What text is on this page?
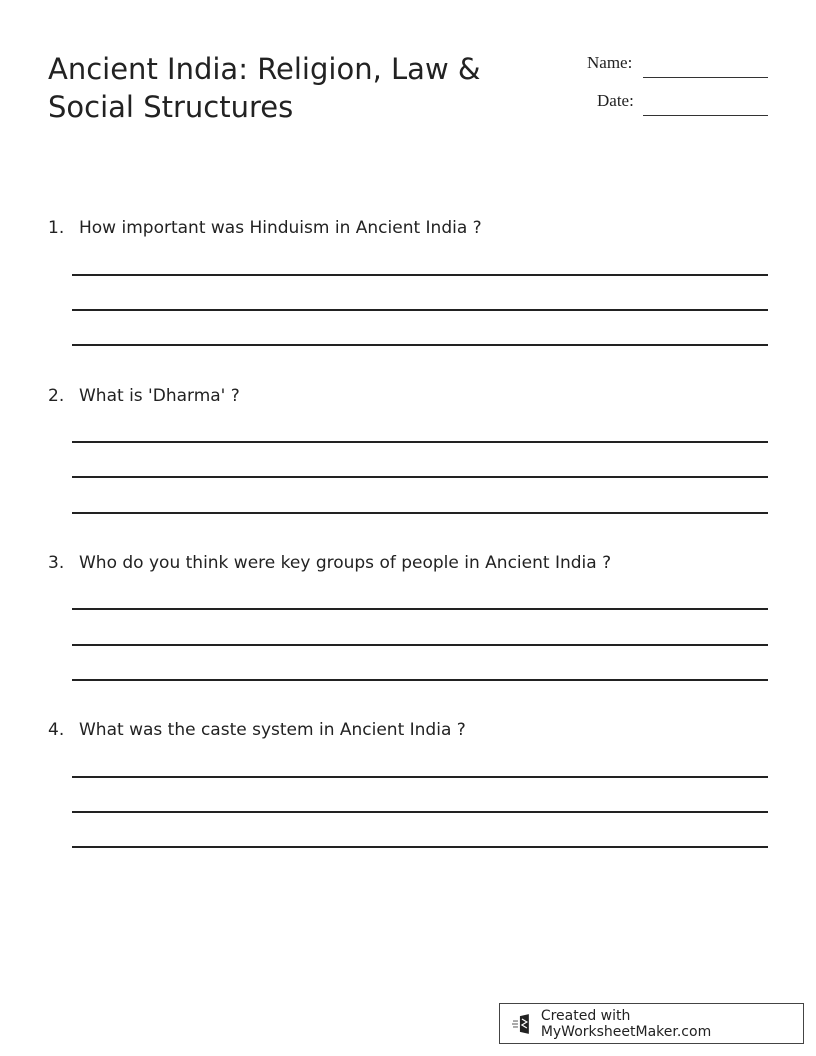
Ancient India: Religion, Law & Social Structures
Name:
Date:
1. How important was Hinduism in Ancient India ?
2. What is 'Dharma' ?
3. Who do you think were key groups of people in Ancient India ?
4. What was the caste system in Ancient India ?
Created with MyWorksheetMaker.com
